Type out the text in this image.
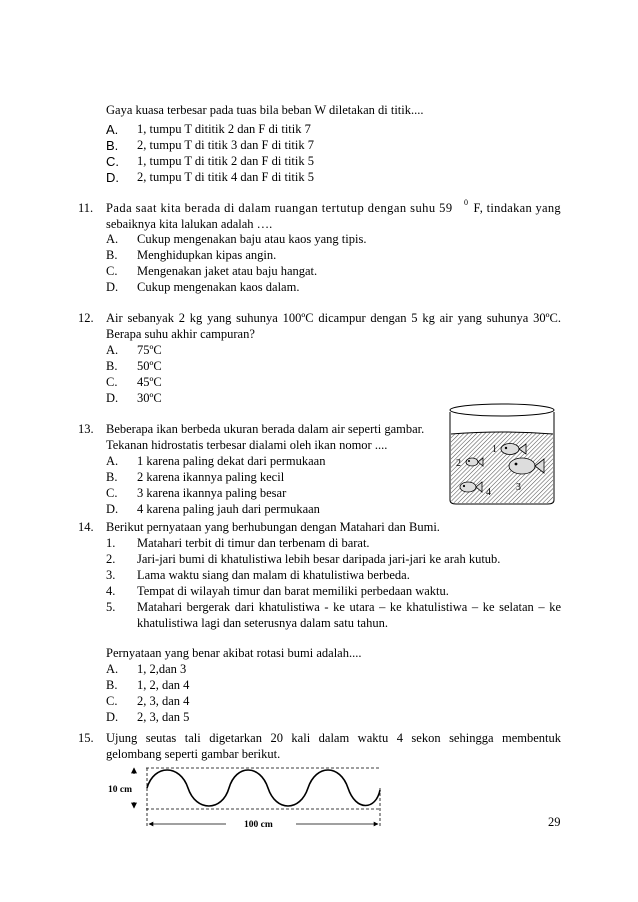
Gaya kuasa terbesar pada tuas bila beban W diletakan di titik....
A. 1, tumpu T dititik 2 dan F di titik 7
B. 2, tumpu T di titik 3 dan F di titik 7
C. 1, tumpu T di titik 2 dan F di titik 5
D. 2, tumpu T di titik 4 dan F di titik 5
11. Pada saat kita berada di dalam ruangan tertutup dengan suhu 59 0 F, tindakan yang
sebaiknya kita lalukan adalah ….
A. Cukup mengenakan baju atau kaos yang tipis.
B. Menghidupkan kipas angin.
C. Mengenakan jaket atau baju hangat.
D. Cukup mengenakan kaos dalam.
12. Air sebanyak 2 kg yang suhunya 100ºC dicampur dengan 5 kg air yang suhunya 30ºC.
Berapa suhu akhir campuran?
A. 75ºC
B. 50ºC
C. 45ºC
D. 30ºC
13. Beberapa ikan berbeda ukuran berada dalam air seperti gambar.
Tekanan hidrostatis terbesar dialami oleh ikan nomor ....
A. 1 karena paling dekat dari permukaan
B. 2 karena ikannya paling kecil
C. 3 karena ikannya paling besar
D. 4 karena paling jauh dari permukaan
1
2
3
4
14. Berikut pernyataan yang berhubungan dengan Matahari dan Bumi.
1. Matahari terbit di timur dan terbenam di barat.
2. Jari-jari bumi di khatulistiwa lebih besar daripada jari-jari ke arah kutub.
3. Lama waktu siang dan malam di khatulistiwa berbeda.
4. Tempat di wilayah timur dan barat memiliki perbedaan waktu.
5. Matahari bergerak dari khatulistiwa - ke utara – ke khatulistiwa – ke selatan – ke
khatulistiwa lagi dan seterusnya dalam satu tahun.
Pernyataan yang benar akibat rotasi bumi adalah....
A. 1, 2,dan 3
B. 1, 2, dan 4
C. 2, 3, dan 4
D. 2, 3, dan 5
15. Ujung seutas tali digetarkan 20 kali dalam waktu 4 sekon sehingga membentuk
gelombang seperti gambar berikut.
10 cm
100 cm	29
